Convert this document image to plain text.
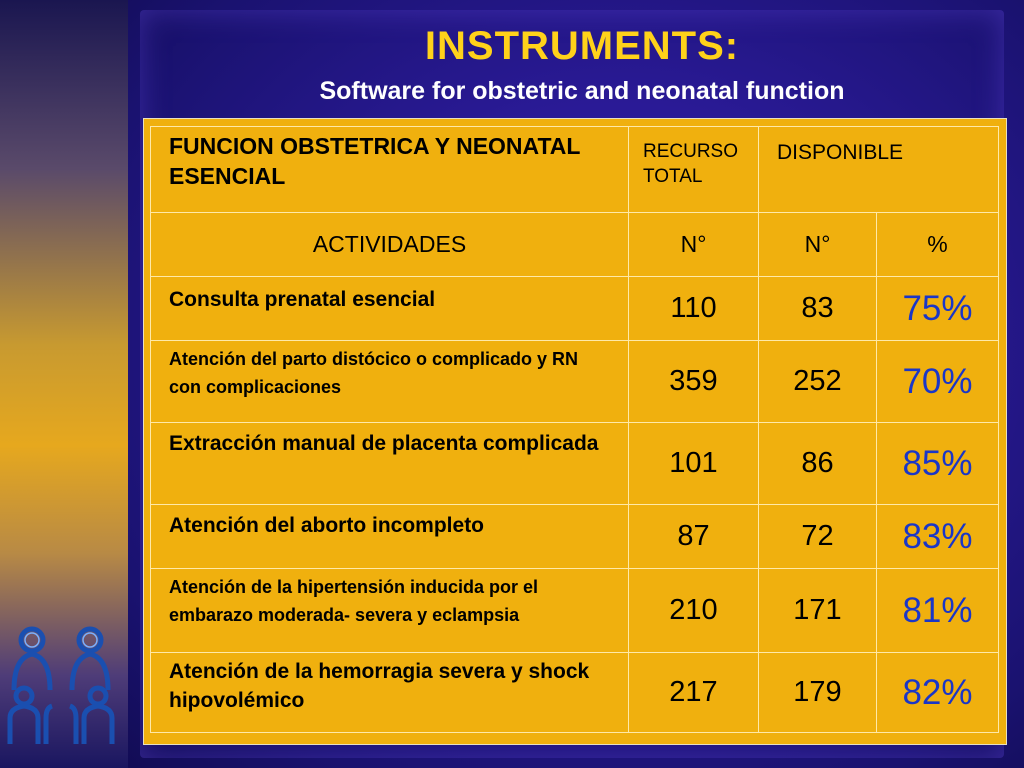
INSTRUMENTS:
Software for obstetric and neonatal function
FUNCION OBSTETRICA Y NEONATAL ESENCIAL	RECURSO TOTAL	DISPONIBLE	
ACTIVIDADES	N°	N°	%
Consulta prenatal esencial	110	83	75%
Atención del parto distócico o complicado y RN con complicaciones	359	252	70%
Extracción manual de placenta complicada	101	86	85%
Atención del aborto incompleto	87	72	83%
Atención de la hipertensión inducida por el embarazo moderada- severa y eclampsia	210	171	81%
Atención de la hemorragia severa y shock hipovolémico	217	179	82%
